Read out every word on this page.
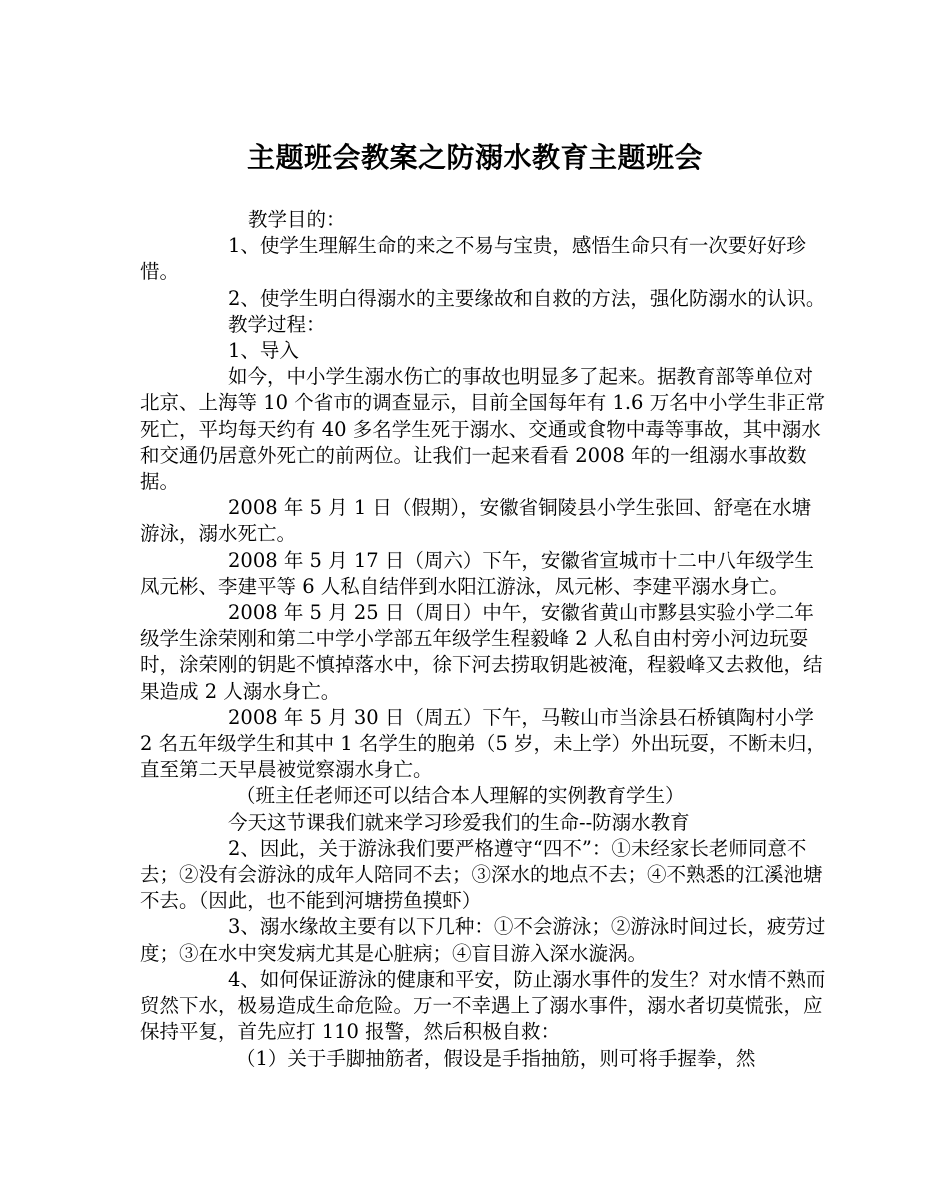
主题班会教案之防溺水教育主题班会

教学目的：

1、使学生理解生命的来之不易与宝贵，感悟生命只有一次要好好珍惜。

2、使学生明白得溺水的主要缘故和自救的方法，强化防溺水的认识。

教学过程：

1、导入

如今，中小学生溺水伤亡的事故也明显多了起来。据教育部等单位对北京、上海等 10 个省市的调查显示，目前全国每年有 1.6 万名中小学生非正常死亡，平均每天约有 40 多名学生死于溺水、交通或食物中毒等事故，其中溺水和交通仍居意外死亡的前两位。让我们一起来看看 2008 年的一组溺水事故数据。

2008 年 5 月 1 日（假期），安徽省铜陵县小学生张回、舒亳在水塘游泳，溺水死亡。

2008 年 5 月 17 日（周六）下午，安徽省宣城市十二中八年级学生凤元彬、李建平等 6 人私自结伴到水阳江游泳，凤元彬、李建平溺水身亡。

2008 年 5 月 25 日（周日）中午，安徽省黄山市黟县实验小学二年级学生涂荣刚和第二中学小学部五年级学生程毅峰 2 人私自由村旁小河边玩耍时，涂荣刚的钥匙不慎掉落水中，徐下河去捞取钥匙被淹，程毅峰又去救他，结果造成 2 人溺水身亡。

2008 年 5 月 30 日（周五）下午，马鞍山市当涂县石桥镇陶村小学 2 名五年级学生和其中 1 名学生的胞弟（5 岁，未上学）外出玩耍，不断未归，直至第二天早晨被觉察溺水身亡。

（班主任老师还可以结合本人理解的实例教育学生）

今天这节课我们就来学习珍爱我们的生命--防溺水教育

2、因此，关于游泳我们要严格遵守“四不”：①未经家长老师同意不去；②没有会游泳的成年人陪同不去；③深水的地点不去；④不熟悉的江溪池塘不去。（因此，也不能到河塘捞鱼摸虾）

3、溺水缘故主要有以下几种：①不会游泳；②游泳时间过长，疲劳过度；③在水中突发病尤其是心脏病；④盲目游入深水漩涡。

4、如何保证游泳的健康和平安，防止溺水事件的发生？对水情不熟而贸然下水，极易造成生命危险。万一不幸遇上了溺水事件，溺水者切莫慌张，应保持平复，首先应打 110 报警，然后积极自救：

（1）关于手脚抽筋者，假设是手指抽筋，则可将手握拳，然
